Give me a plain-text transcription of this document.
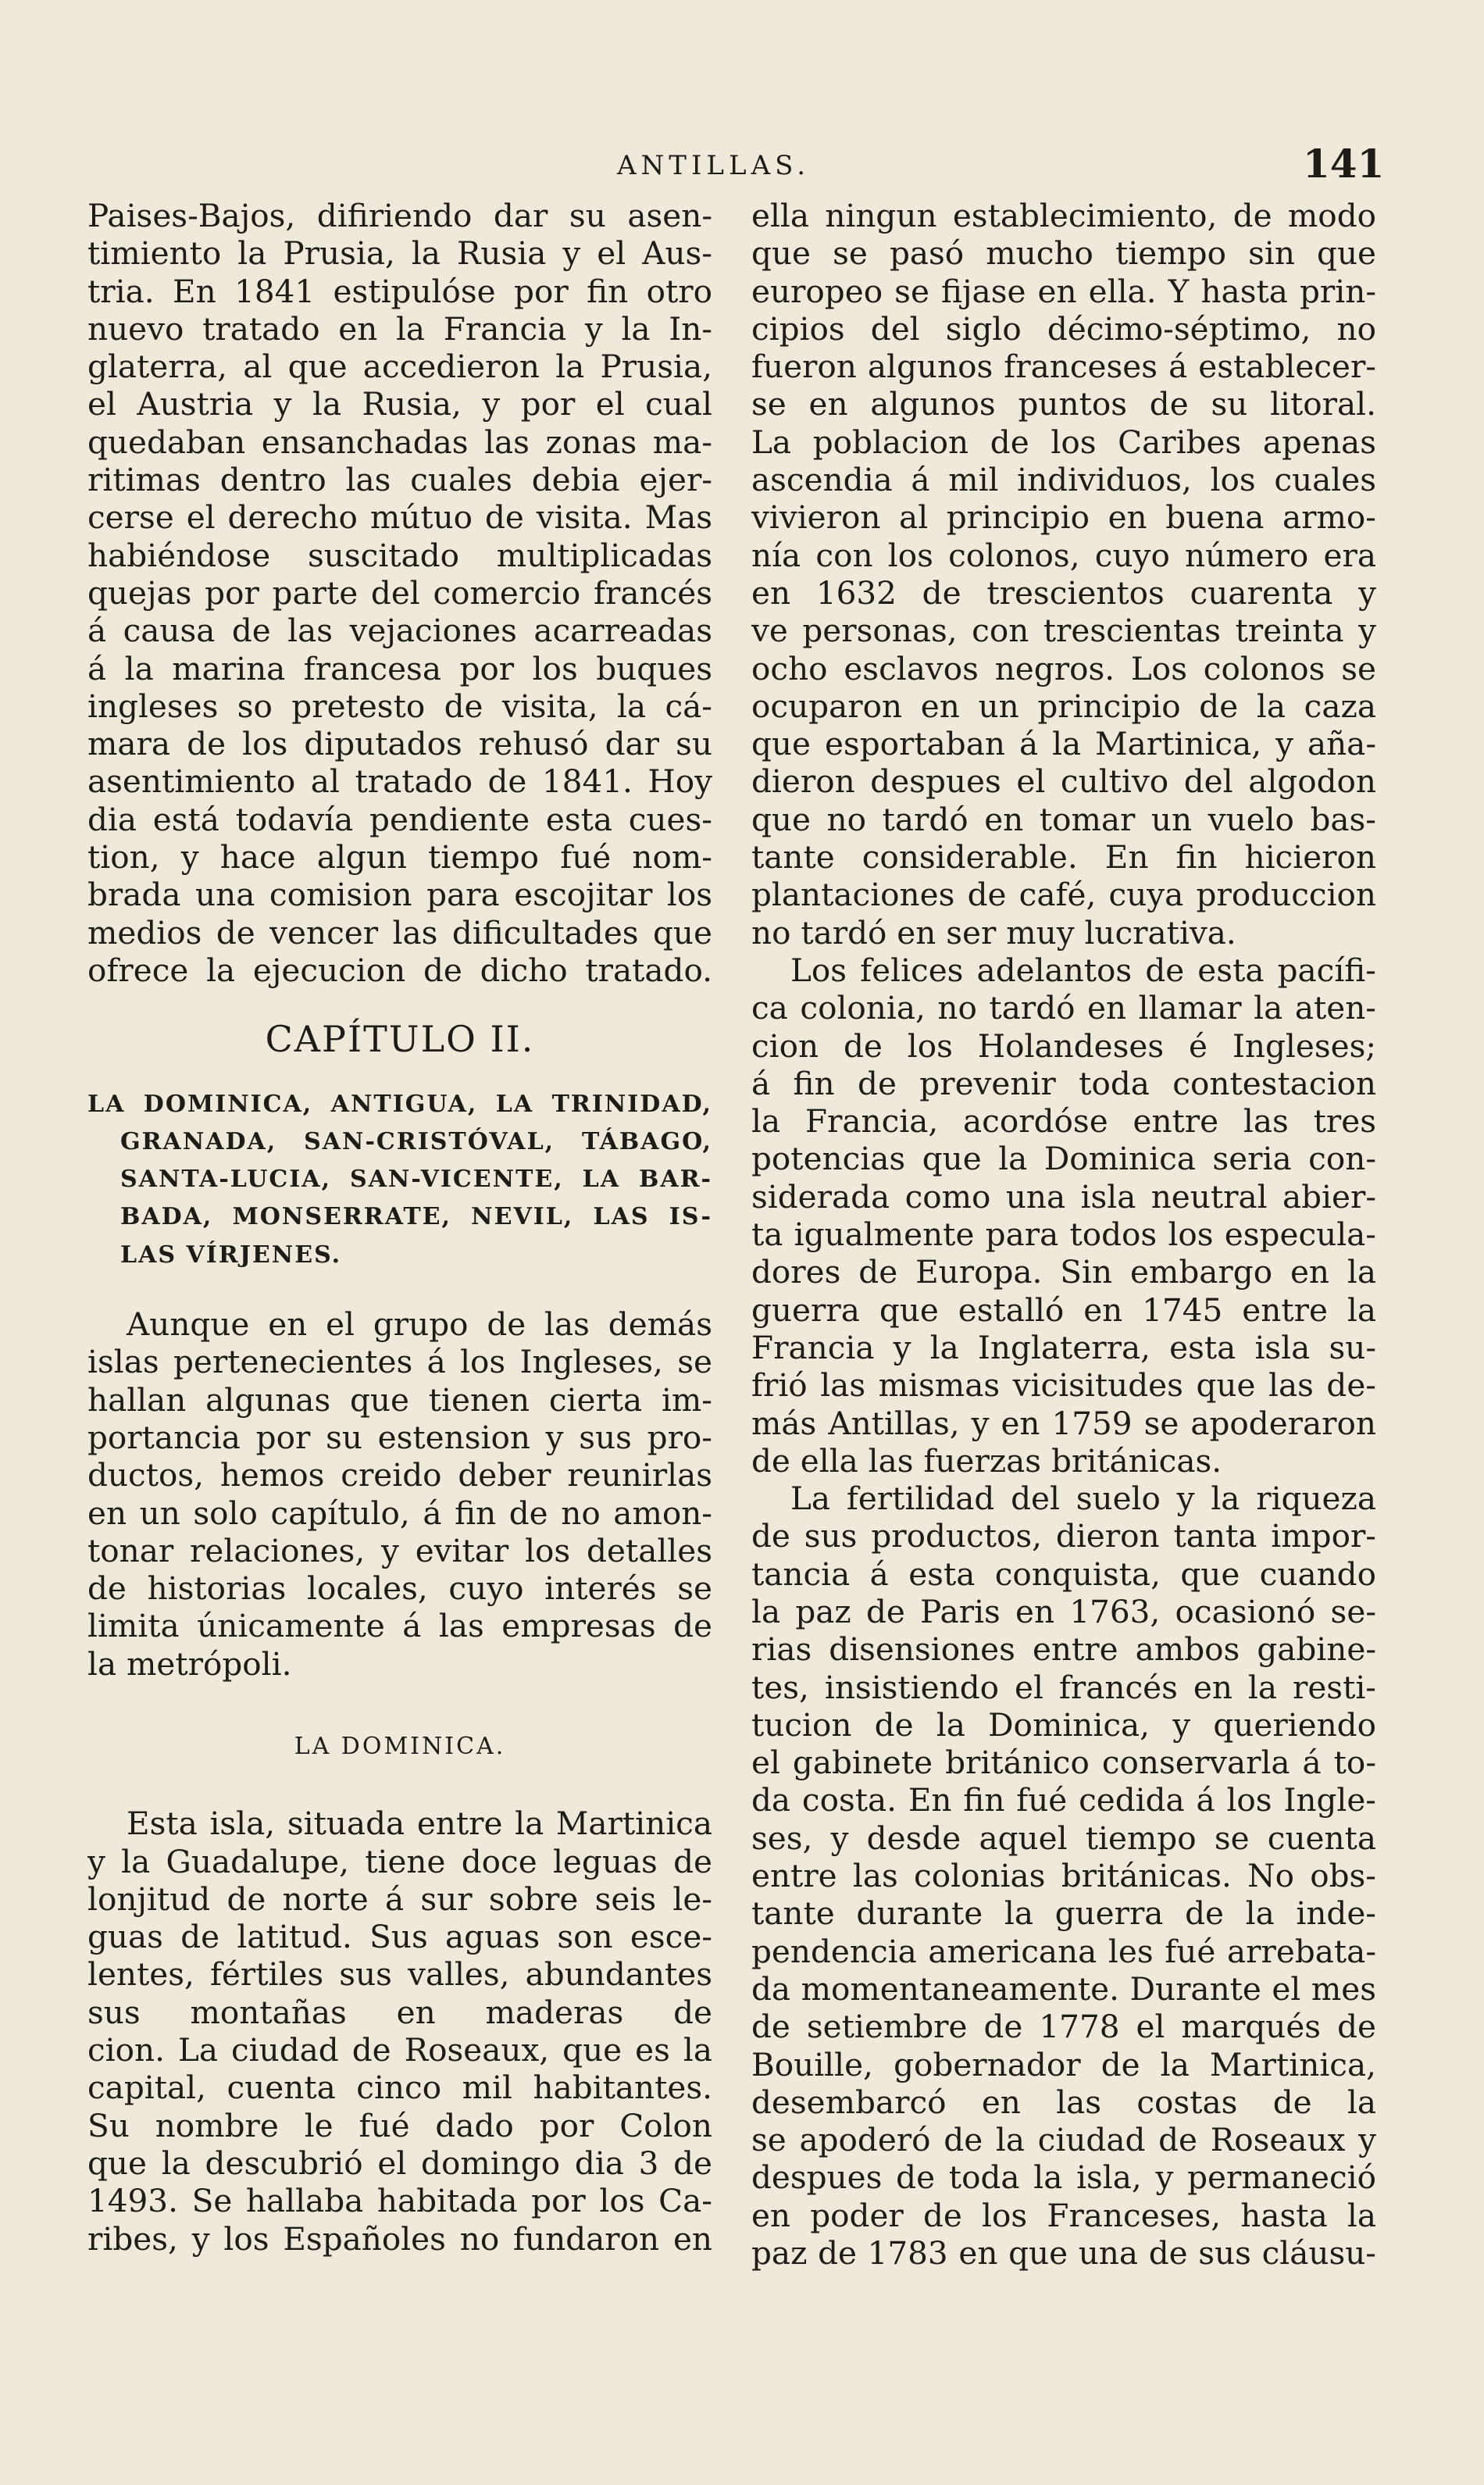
ANTILLAS.	141
Paises-Bajos, difiriendo dar su asen-
timiento la Prusia, la Rusia y el Aus-
tria. En 1841 estipulóse por fin otro
nuevo tratado en la Francia y la In-
glaterra, al que accedieron la Prusia,
el Austria y la Rusia, y por el cual
quedaban ensanchadas las zonas ma-
ritimas dentro las cuales debia ejer-
cerse el derecho mútuo de visita. Mas
habiéndose suscitado multiplicadas
quejas por parte del comercio francés
á causa de las vejaciones acarreadas
á la marina francesa por los buques
ingleses so pretesto de visita, la cá-
mara de los diputados rehusó dar su
asentimiento al tratado de 1841. Hoy
dia está todavía pendiente esta cues-
tion, y hace algun tiempo fué nom-
brada una comision para escojitar los
medios de vencer las dificultades que
ofrece la ejecucion de dicho tratado.
CAPÍTULO II.
LA DOMINICA, ANTIGUA, LA TRINIDAD,
GRANADA, SAN-CRISTÓVAL, TÁBAGO,
SANTA-LUCIA, SAN-VICENTE, LA BAR-
BADA, MONSERRATE, NEVIL, LAS IS-
LAS VÍRJENES.
Aunque en el grupo de las demás
islas pertenecientes á los Ingleses, se
hallan algunas que tienen cierta im-
portancia por su estension y sus pro-
ductos, hemos creido deber reunirlas
en un solo capítulo, á fin de no amon-
tonar relaciones, y evitar los detalles
de historias locales, cuyo interés se
limita únicamente á las empresas de
la metrópoli.
LA DOMINICA.
Esta isla, situada entre la Martinica
y la Guadalupe, tiene doce leguas de
lonjitud de norte á sur sobre seis le-
guas de latitud. Sus aguas son esce-
lentes, fértiles sus valles, abundantes
sus montañas en maderas de
cion. La ciudad de Roseaux, que es la
capital, cuenta cinco mil habitantes.
Su nombre le fué dado por Colon
que la descubrió el domingo dia 3 de
1493. Se hallaba habitada por los Ca-
ribes, y los Españoles no fundaron en
ella ningun establecimiento, de modo
que se pasó mucho tiempo sin que
europeo se fijase en ella. Y hasta prin-
cipios del siglo décimo-séptimo, no
fueron algunos franceses á establecer-
se en algunos puntos de su litoral.
La poblacion de los Caribes apenas
ascendia á mil individuos, los cuales
vivieron al principio en buena armo-
nía con los colonos, cuyo número era
en 1632 de trescientos cuarenta y
ve personas, con trescientas treinta y
ocho esclavos negros. Los colonos se
ocuparon en un principio de la caza
que esportaban á la Martinica, y aña-
dieron despues el cultivo del algodon
que no tardó en tomar un vuelo bas-
tante considerable. En fin hicieron
plantaciones de café, cuya produccion
no tardó en ser muy lucrativa.
Los felices adelantos de esta pacífi-
ca colonia, no tardó en llamar la aten-
cion de los Holandeses é Ingleses;
á fin de prevenir toda contestacion
la Francia, acordóse entre las tres
potencias que la Dominica seria con-
siderada como una isla neutral abier-
ta igualmente para todos los especula-
dores de Europa. Sin embargo en la
guerra que estalló en 1745 entre la
Francia y la Inglaterra, esta isla su-
frió las mismas vicisitudes que las de-
más Antillas, y en 1759 se apoderaron
de ella las fuerzas británicas.
La fertilidad del suelo y la riqueza
de sus productos, dieron tanta impor-
tancia á esta conquista, que cuando
la paz de Paris en 1763, ocasionó se-
rias disensiones entre ambos gabine-
tes, insistiendo el francés en la resti-
tucion de la Dominica, y queriendo
el gabinete británico conservarla á to-
da costa. En fin fué cedida á los Ingle-
ses, y desde aquel tiempo se cuenta
entre las colonias británicas. No obs-
tante durante la guerra de la inde-
pendencia americana les fué arrebata-
da momentaneamente. Durante el mes
de setiembre de 1778 el marqués de
Bouille, gobernador de la Martinica,
desembarcó en las costas de la
se apoderó de la ciudad de Roseaux y
despues de toda la isla, y permaneció
en poder de los Franceses, hasta la
paz de 1783 en que una de sus cláusu-
